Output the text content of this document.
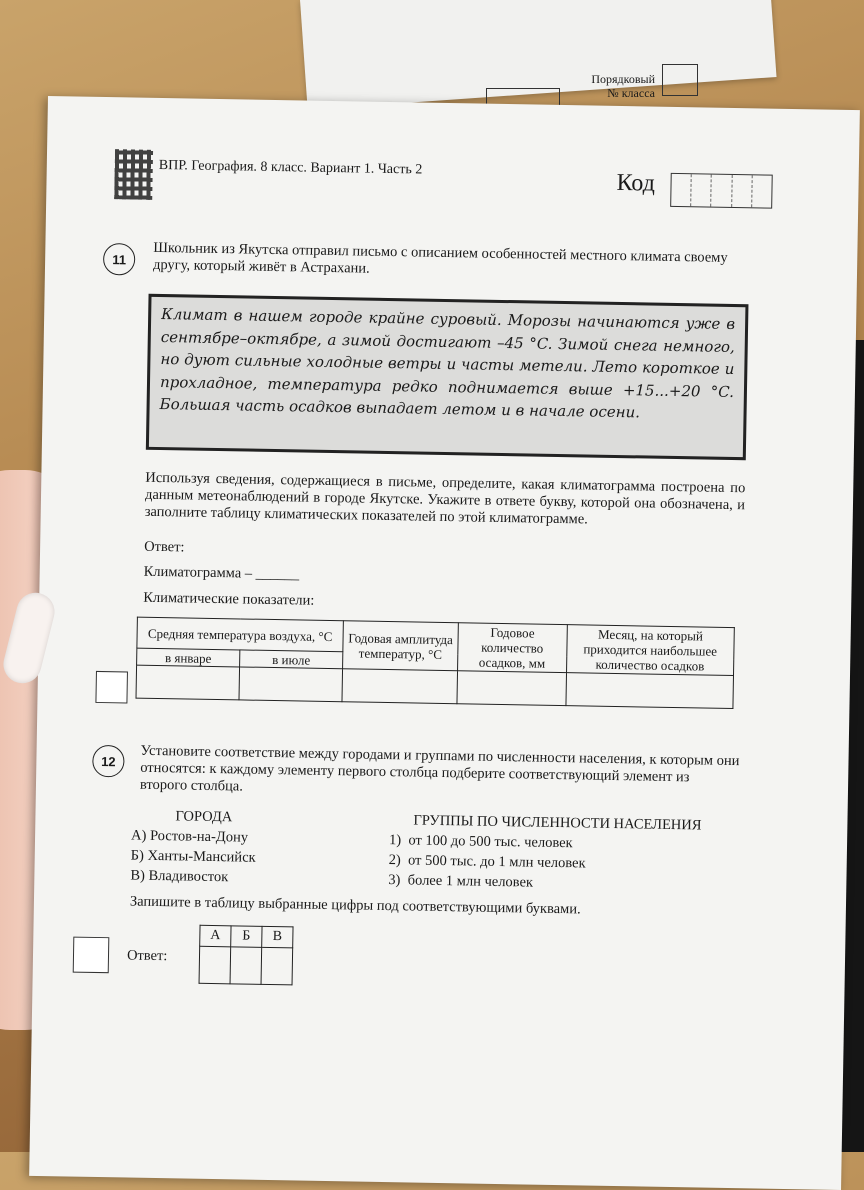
Порядковый
№ класса
ВПР. География. 8 класс. Вариант 1. Часть 2
Код
11	Школьник из Якутска отправил письмо с описанием особенностей местного климата своему другу, который живёт в Астрахани.
Климат в нашем городе крайне суровый. Морозы начинаются уже в сентябре–октябре, а зимой достигают –45 °C. Зимой снега немного, но дуют сильные холодные ветры и часты метели. Лето короткое и прохладное, температура редко поднимается выше +15...+20 °C. Большая часть осадков выпадает летом и в начале осени.
Используя сведения, содержащиеся в письме, определите, какая климатограмма построена по данным метеонаблюдений в городе Якутске. Укажите в ответе букву, которой она обозначена, и заполните таблицу климатических показателей по этой климатограмме.
Ответ:
Климатограмма – ______
Климатические показатели:
Средняя температура воздуха, °C		Годовая амплитуда температур, °C	Годовое количество осадков, мм	Месяц, на который приходится наибольшее количество осадков
в январе	в июле			

12	Установите соответствие между городами и группами по численности населения, к которым они относятся: к каждому элементу первого столбца подберите соответствующий элемент из второго столбца.
ГОРОДА	ГРУППЫ ПО ЧИСЛЕННОСТИ НАСЕЛЕНИЯ
А) Ростов-на-Дону
Б) Ханты-Мансийск
В) Владивосток
1) от 100 до 500 тыс. человек
2) от 500 тыс. до 1 млн человек
3) более 1 млн человек
Запишите в таблицу выбранные цифры под соответствующими буквами.
Ответ:
А	Б	В
